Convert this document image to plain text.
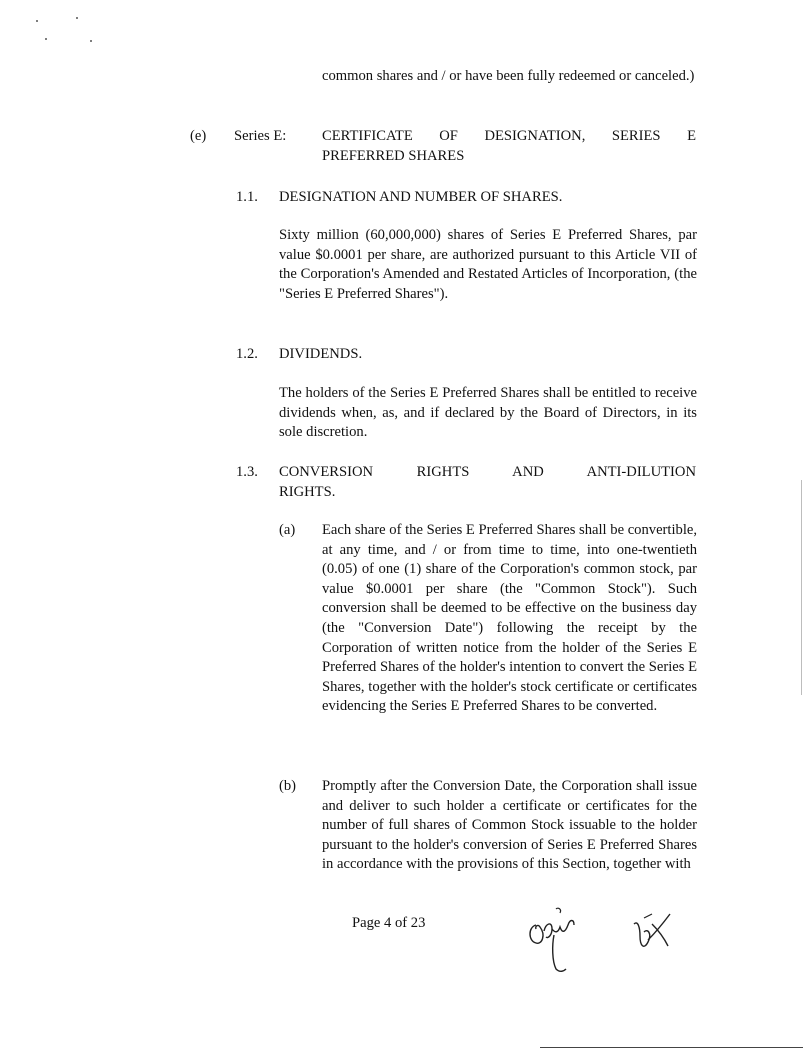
common shares and / or have been fully redeemed or canceled.)
(e) Series E: CERTIFICATE OF DESIGNATION, SERIES E
PREFERRED SHARES
1.1. DESIGNATION AND NUMBER OF SHARES.
Sixty million (60,000,000) shares of Series E Preferred Shares, par value $0.0001 per share, are authorized pursuant to this Article VII of the Corporation's Amended and Restated Articles of Incorporation, (the "Series E Preferred Shares").
1.2. DIVIDENDS.
The holders of the Series E Preferred Shares shall be entitled to receive dividends when, as, and if declared by the Board of Directors, in its sole discretion.
1.3. CONVERSION RIGHTS AND ANTI-DILUTION
RIGHTS.
(a) Each share of the Series E Preferred Shares shall be convertible, at any time, and / or from time to time, into one-twentieth (0.05) of one (1) share of the Corporation's common stock, par value $0.0001 per share (the "Common Stock"). Such conversion shall be deemed to be effective on the business day (the "Conversion Date") following the receipt by the Corporation of written notice from the holder of the Series E Preferred Shares of the holder's intention to convert the Series E Shares, together with the holder's stock certificate or certificates evidencing the Series E Preferred Shares to be converted.
(b) Promptly after the Conversion Date, the Corporation shall issue and deliver to such holder a certificate or certificates for the number of full shares of Common Stock issuable to the holder pursuant to the holder's conversion of Series E Preferred Shares in accordance with the provisions of this Section, together with
Page 4 of 23
